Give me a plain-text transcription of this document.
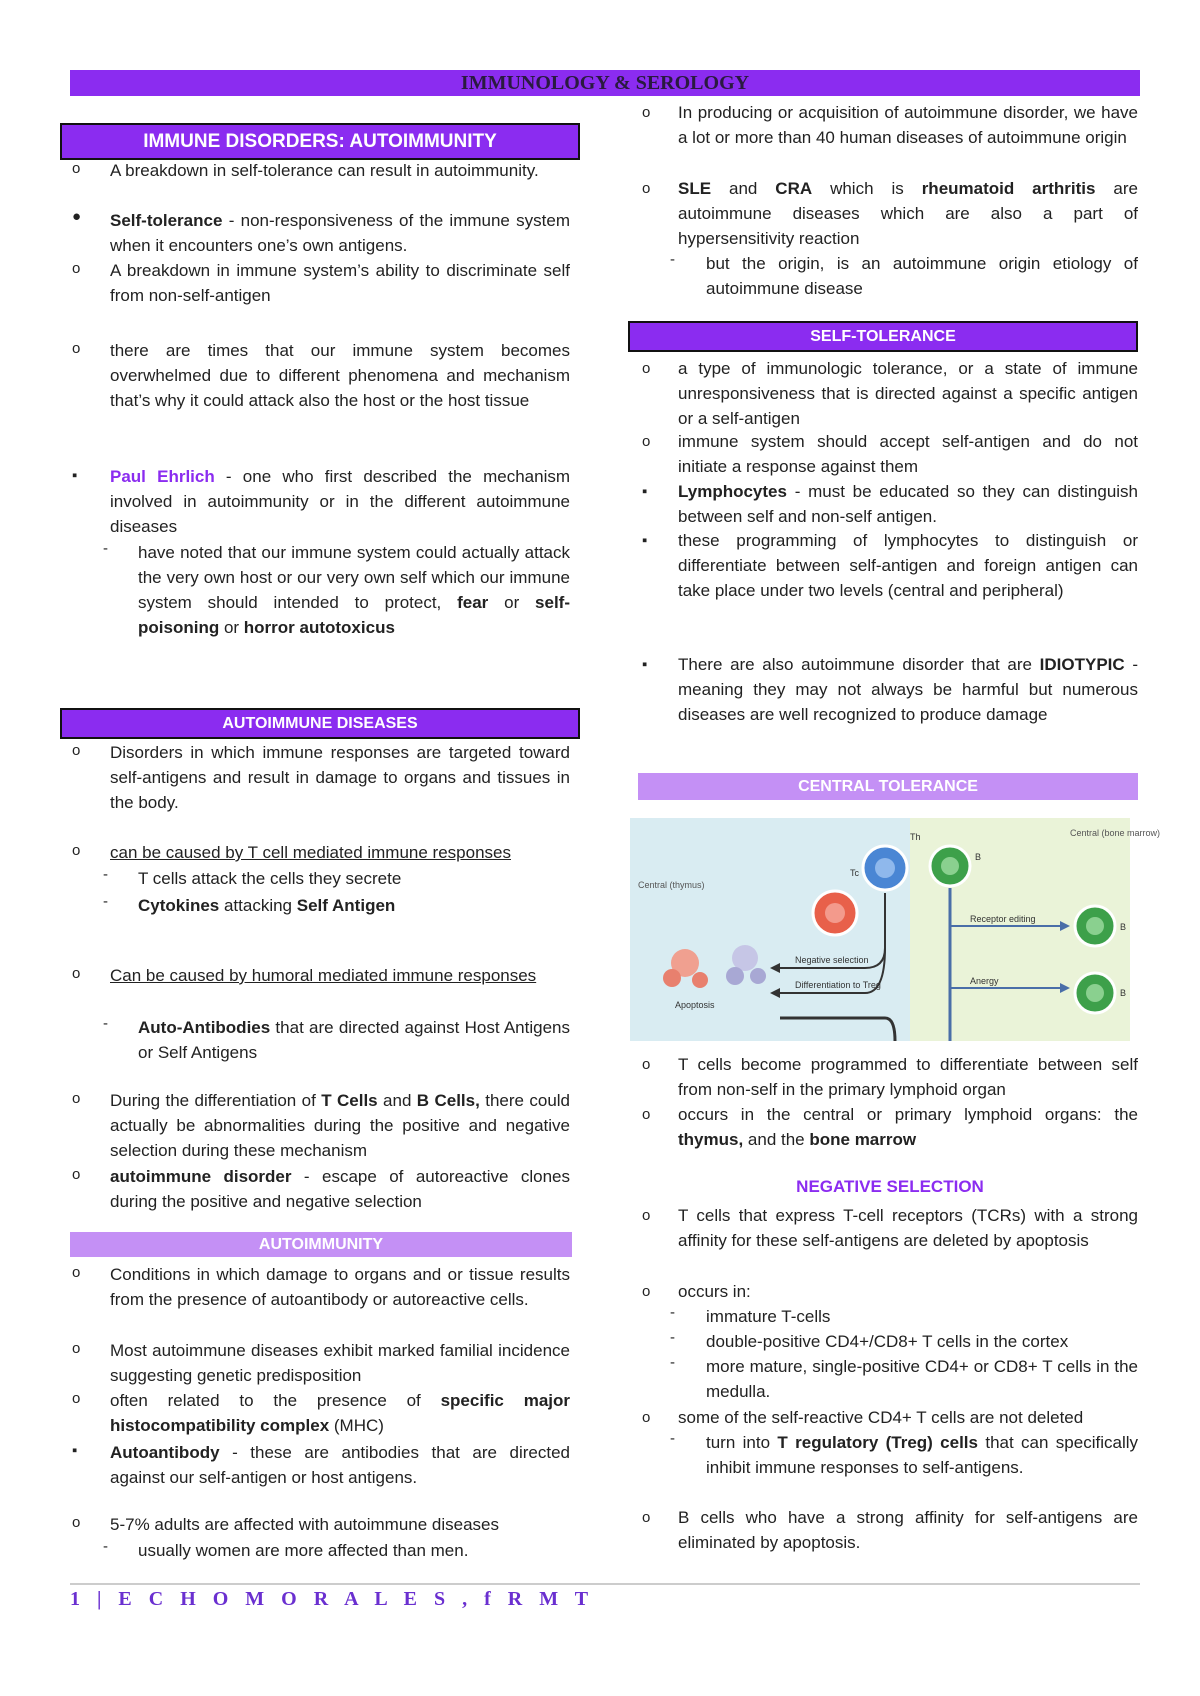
IMMUNOLOGY & SEROLOGY
IMMUNE DISORDERS: AUTOIMMUNITY
o A breakdown in self-tolerance can result in autoimmunity.
● Self-tolerance - non-responsiveness of the immune system when it encounters one’s own antigens.
o A breakdown in immune system’s ability to discriminate self from non-self-antigen
o there are times that our immune system becomes overwhelmed due to different phenomena and mechanism that’s why it could attack also the host or the host tissue
▪ Paul Ehrlich - one who first described the mechanism involved in autoimmunity or in the different autoimmune diseases
- have noted that our immune system could actually attack the very own host or our very own self which our immune system should intended to protect, fear or self-poisoning or horror autotoxicus
AUTOIMMUNE DISEASES
o Disorders in which immune responses are targeted toward self-antigens and result in damage to organs and tissues in the body.
o can be caused by T cell mediated immune responses
- T cells attack the cells they secrete
- Cytokines attacking Self Antigen
o Can be caused by humoral mediated immune responses
- Auto-Antibodies that are directed against Host Antigens or Self Antigens
o During the differentiation of T Cells and B Cells, there could actually be abnormalities during the positive and negative selection during these mechanism
o autoimmune disorder - escape of autoreactive clones during the positive and negative selection
AUTOIMMUNITY
o Conditions in which damage to organs and or tissue results from the presence of autoantibody or autoreactive cells.
o Most autoimmune diseases exhibit marked familial incidence suggesting genetic predisposition
o often related to the presence of specific major histocompatibility complex (MHC)
▪ Autoantibody - these are antibodies that are directed against our self-antigen or host antigens.
o 5-7% adults are affected with autoimmune diseases
- usually women are more affected than men.
o In producing or acquisition of autoimmune disorder, we have a lot or more than 40 human diseases of autoimmune origin
o SLE and CRA which is rheumatoid arthritis are autoimmune diseases which are also a part of hypersensitivity reaction
- but the origin, is an autoimmune origin etiology of autoimmune disease
SELF-TOLERANCE
o a type of immunologic tolerance, or a state of immune unresponsiveness that is directed against a specific antigen or a self-antigen
o immune system should accept self-antigen and do not initiate a response against them
▪ Lymphocytes - must be educated so they can distinguish between self and non-self antigen.
▪ these programming of lymphocytes to distinguish or differentiate between self-antigen and foreign antigen can take place under two levels (central and peripheral)
▪ There are also autoimmune disorder that are IDIOTYPIC - meaning they may not always be harmful but numerous diseases are well recognized to produce damage
CENTRAL TOLERANCE
Central (thymus)
Central (bone marrow)
Th
Tc
Apoptosis
Negative selection
Differentiation to Treg
B
Receptor editing
Anergy
B
B
o T cells become programmed to differentiate between self from non-self in the primary lymphoid organ
o occurs in the central or primary lymphoid organs: the thymus, and the bone marrow
NEGATIVE SELECTION
o T cells that express T-cell receptors (TCRs) with a strong affinity for these self-antigens are deleted by apoptosis
o occurs in:
- immature T-cells
- double-positive CD4+/CD8+ T cells in the cortex
- more mature, single-positive CD4+ or CD8+ T cells in the medulla.
o some of the self-reactive CD4+ T cells are not deleted
- turn into T regulatory (Treg) cells that can specifically inhibit immune responses to self-antigens.
o B cells who have a strong affinity for self-antigens are eliminated by apoptosis.
1 | E C H O M O R A L E S , f R M T
